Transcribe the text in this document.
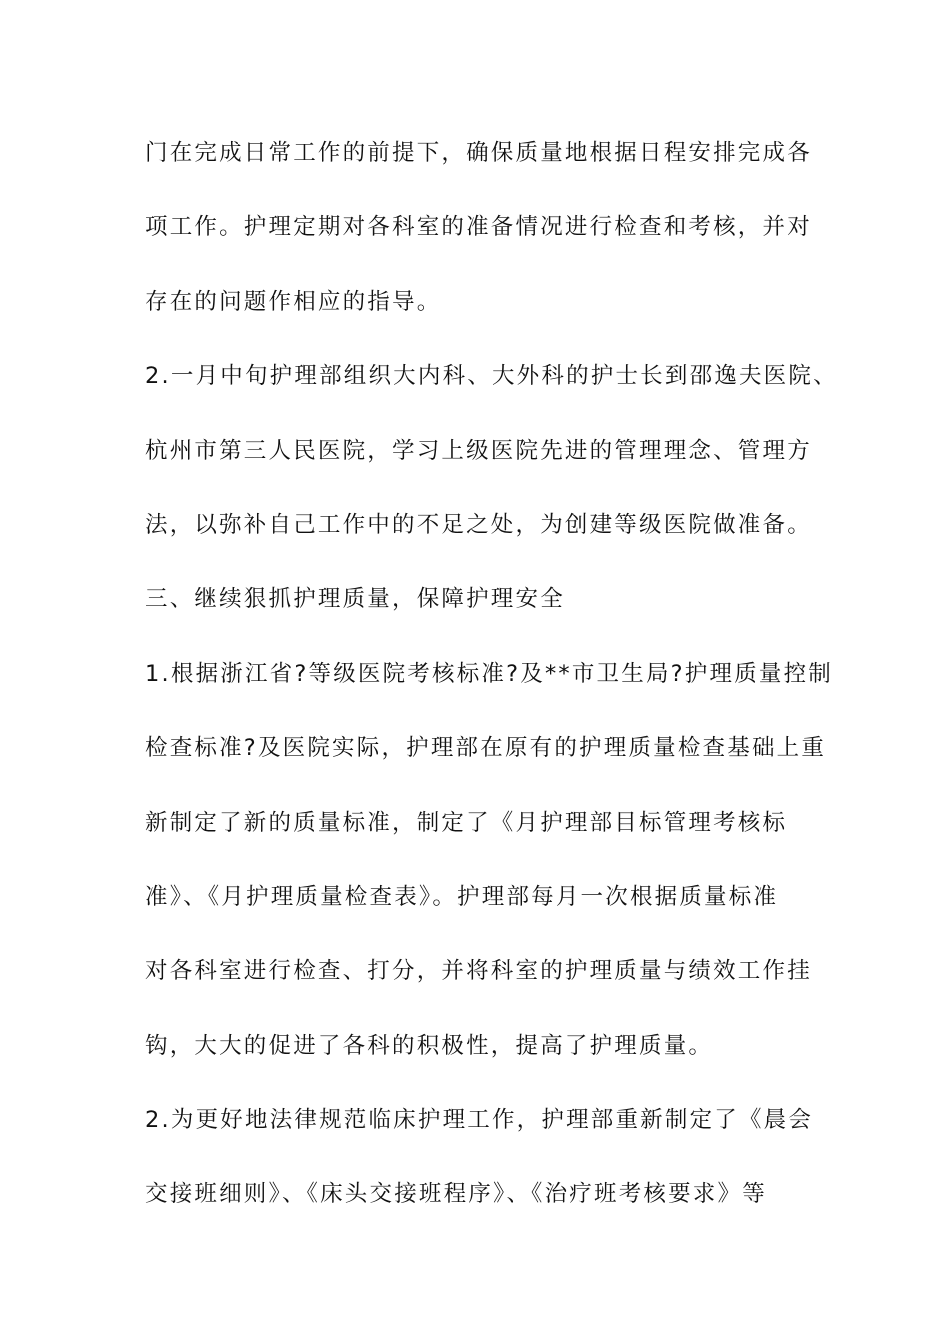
门在完成日常工作的前提下，确保质量地根据日程安排完成各
项工作。护理定期对各科室的准备情况进行检查和考核，并对
存在的问题作相应的指导。
2.一月中旬护理部组织大内科、大外科的护士长到邵逸夫医院、
杭州市第三人民医院，学习上级医院先进的管理理念、管理方
法，以弥补自己工作中的不足之处，为创建等级医院做准备。
三、继续狠抓护理质量，保障护理安全
1.根据浙江省?等级医院考核标准?及**市卫生局?护理质量控制
检查标准?及医院实际，护理部在原有的护理质量检查基础上重
新制定了新的质量标准，制定了《月护理部目标管理考核标
准》、《月护理质量检查表》。护理部每月一次根据质量标准
对各科室进行检查、打分，并将科室的护理质量与绩效工作挂
钩，大大的促进了各科的积极性，提高了护理质量。
2.为更好地法律规范临床护理工作，护理部重新制定了《晨会
交接班细则》、《床头交接班程序》、《治疗班考核要求》等
